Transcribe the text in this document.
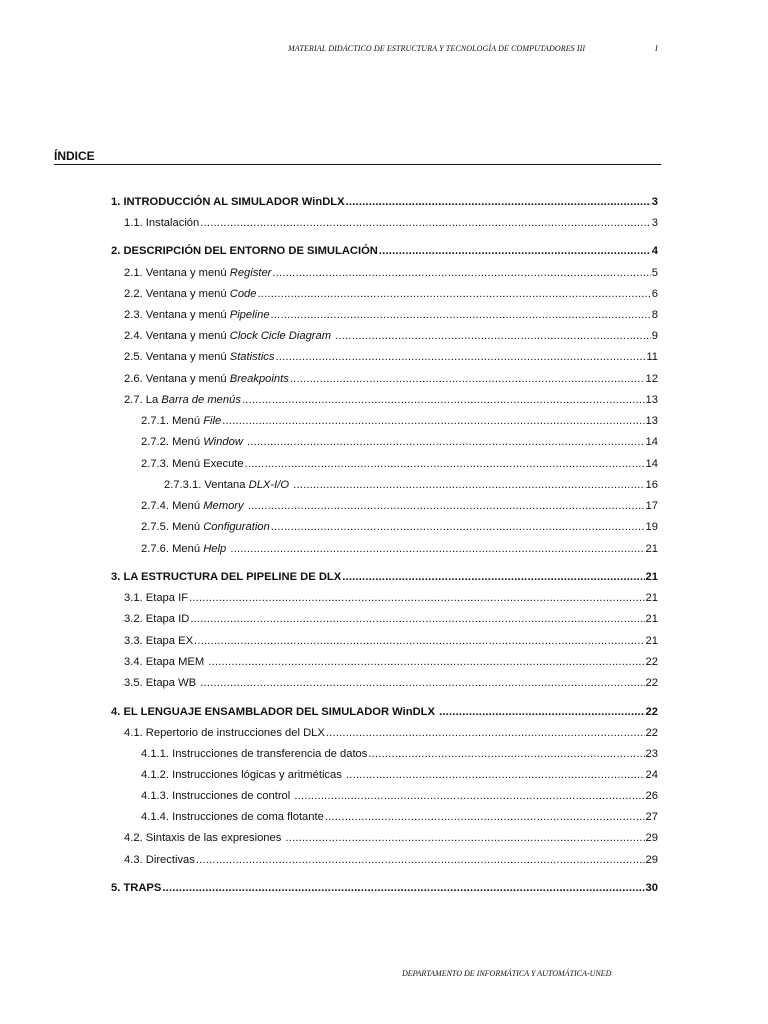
MATERIAL DIDÁCTICO DE ESTRUCTURA Y TECNOLOGÍA DE COMPUTADORES III	I
ÍNDICE
1. INTRODUCCIÓN AL SIMULADOR WinDLX .....	3
1.1. Instalación .....	3
2. DESCRIPCIÓN DEL ENTORNO DE SIMULACIÓN .....	4
2.1. Ventana y menú Register .....	5
2.2. Ventana y menú Code .....	6
2.3. Ventana y menú Pipeline .....	8
2.4. Ventana y menú Clock Cicle Diagram .....	9
2.5. Ventana y menú Statistics .....	11
2.6. Ventana y menú Breakpoints .....	12
2.7. La Barra de menús .....	13
2.7.1. Menú File .....	13
2.7.2. Menú Window .....	14
2.7.3. Menú Execute .....	14
2.7.3.1. Ventana DLX-I/O .....	16
2.7.4. Menú Memory .....	17
2.7.5. Menú Configuration .....	19
2.7.6. Menú Help .....	21
3. LA ESTRUCTURA DEL PIPELINE DE DLX .....	21
3.1. Etapa IF .....	21
3.2. Etapa ID .....	21
3.3. Etapa EX .....	21
3.4. Etapa MEM .....	22
3.5. Etapa WB .....	22
4. EL LENGUAJE ENSAMBLADOR DEL SIMULADOR WinDLX .....	22
4.1. Repertorio de instrucciones del DLX .....	22
4.1.1. Instrucciones de transferencia de datos .....	23
4.1.2. Instrucciones lógicas y aritméticas .....	24
4.1.3. Instrucciones de control .....	26
4.1.4. Instrucciones de coma flotante .....	27
4.2. Sintaxis de las expresiones .....	29
4.3. Directivas .....	29
5. TRAPS .....	30
DEPARTAMENTO DE INFORMÁTICA Y AUTOMÁTICA-UNED
